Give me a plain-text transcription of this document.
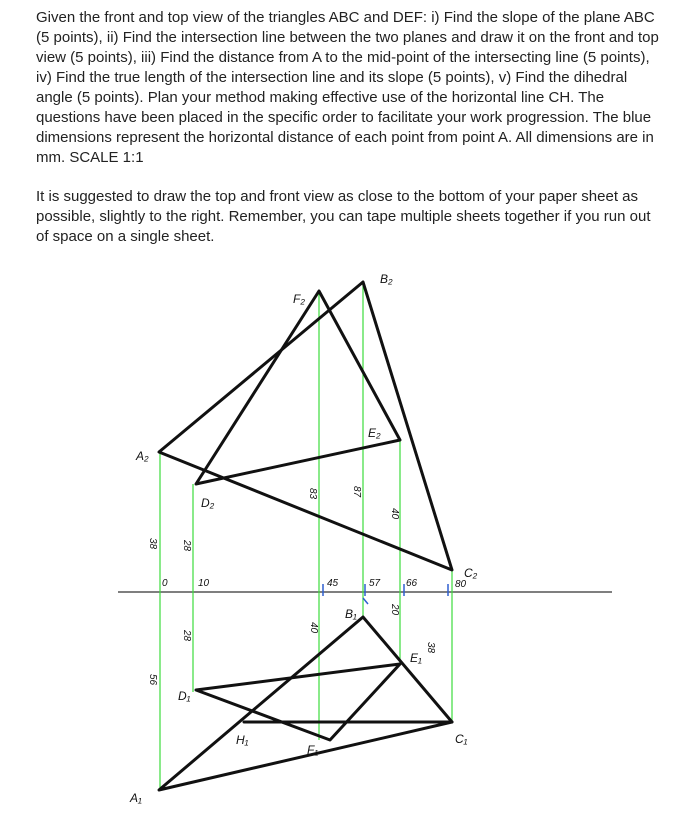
Given the front and top view of the triangles ABC and DEF: i) Find the slope of the plane ABC (5 points), ii) Find the intersection line between the two planes and draw it on the front and top view (5 points), iii) Find the distance from A to the mid-point of the intersecting line (5 points), iv) Find the true length of the intersection line and its slope (5 points), v) Find the dihedral angle (5 points). Plan your method making effective use of the horizontal line CH. The questions have been placed in the specific order to facilitate your work progression. The blue dimensions represent the horizontal distance of each point from point A. All dimensions are in mm. SCALE 1:1

It is suggested to draw the top and front view as close to the bottom of your paper sheet as possible, slightly to the right. Remember, you can tape multiple sheets together if you run out of space on a single sheet.

A₂
B₂
C₂
D₂
E₂
F₂
A₁
B₁
C₁
D₁
E₁
F₁
H₁
0	10	45	57	66	80
38 28
83	87
40
56
28
40
20
38
